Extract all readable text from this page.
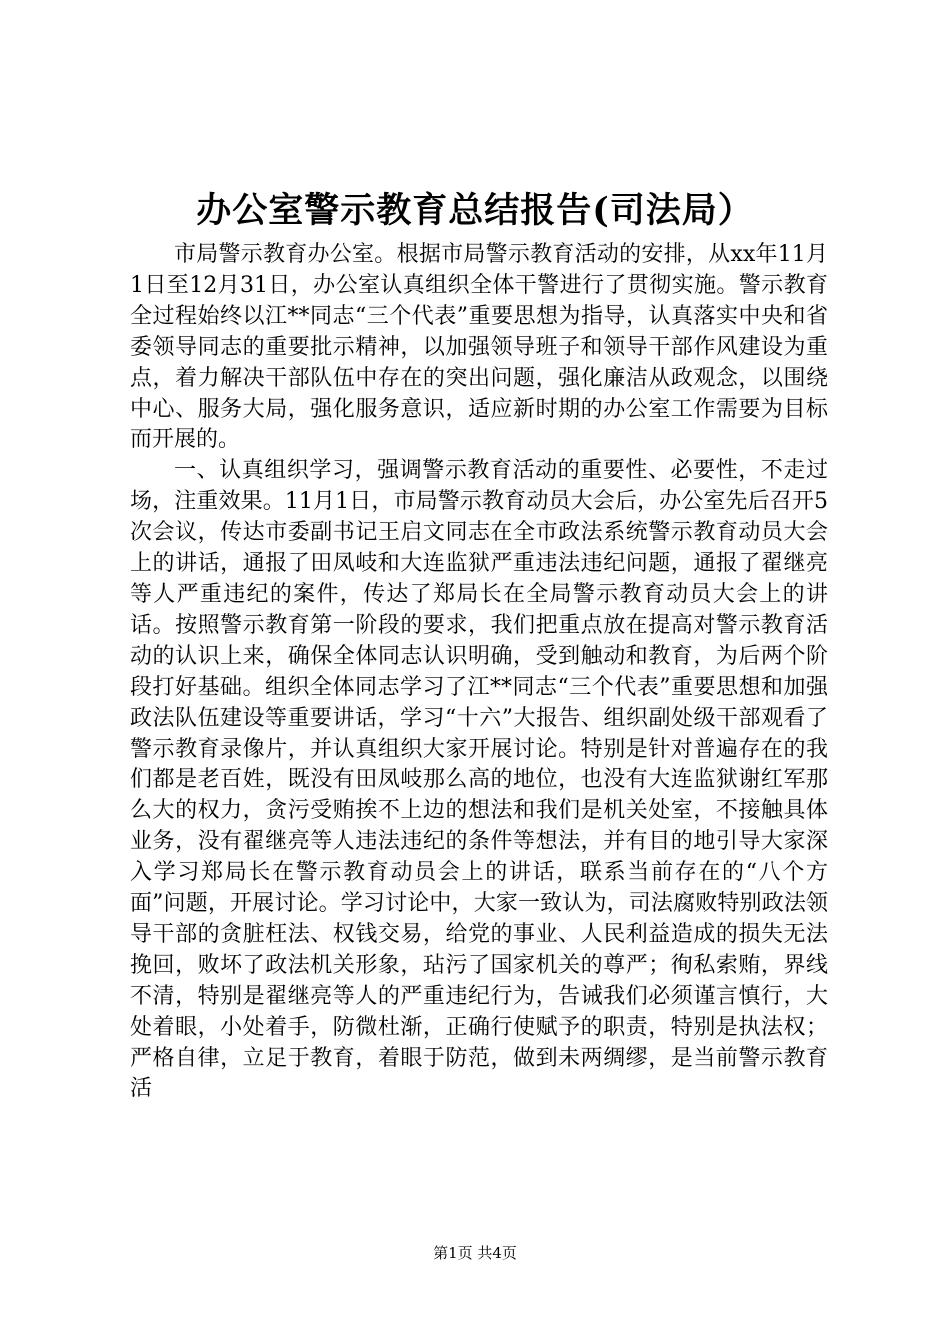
办公室警示教育总结报告(司法局）

市局警示教育办公室。根据市局警示教育活动的安排，从xx年11月1日至12月31日，办公室认真组织全体干警进行了贯彻实施。警示教育全过程始终以江**同志“三个代表”重要思想为指导，认真落实中央和省委领导同志的重要批示精神，以加强领导班子和领导干部作风建设为重点，着力解决干部队伍中存在的突出问题，强化廉洁从政观念，以围绕中心、服务大局，强化服务意识，适应新时期的办公室工作需要为目标而开展的。

一、认真组织学习，强调警示教育活动的重要性、必要性，不走过场，注重效果。11月1日，市局警示教育动员大会后，办公室先后召开5次会议，传达市委副书记王启文同志在全市政法系统警示教育动员大会上的讲话，通报了田凤岐和大连监狱严重违法违纪问题，通报了翟继亮等人严重违纪的案件，传达了郑局长在全局警示教育动员大会上的讲话。按照警示教育第一阶段的要求，我们把重点放在提高对警示教育活动的认识上来，确保全体同志认识明确，受到触动和教育，为后两个阶段打好基础。组织全体同志学习了江**同志“三个代表”重要思想和加强政法队伍建设等重要讲话，学习“十六”大报告、组织副处级干部观看了警示教育录像片，并认真组织大家开展讨论。特别是针对普遍存在的我们都是老百姓，既没有田凤岐那么高的地位，也没有大连监狱谢红军那么大的权力，贪污受贿挨不上边的想法和我们是机关处室，不接触具体业务，没有翟继亮等人违法违纪的条件等想法，并有目的地引导大家深入学习郑局长在警示教育动员会上的讲话，联系当前存在的“八个方面”问题，开展讨论。学习讨论中，大家一致认为，司法腐败特别政法领导干部的贪脏枉法、权钱交易，给党的事业、人民利益造成的损失无法挽回，败坏了政法机关形象，玷污了国家机关的尊严；徇私索贿，界线不清，特别是翟继亮等人的严重违纪行为，告诫我们必须谨言慎行，大处着眼，小处着手，防微杜渐，正确行使赋予的职责，特别是执法权；严格自律，立足于教育，着眼于防范，做到未两绸缪，是当前警示教育活

第1页 共4页
